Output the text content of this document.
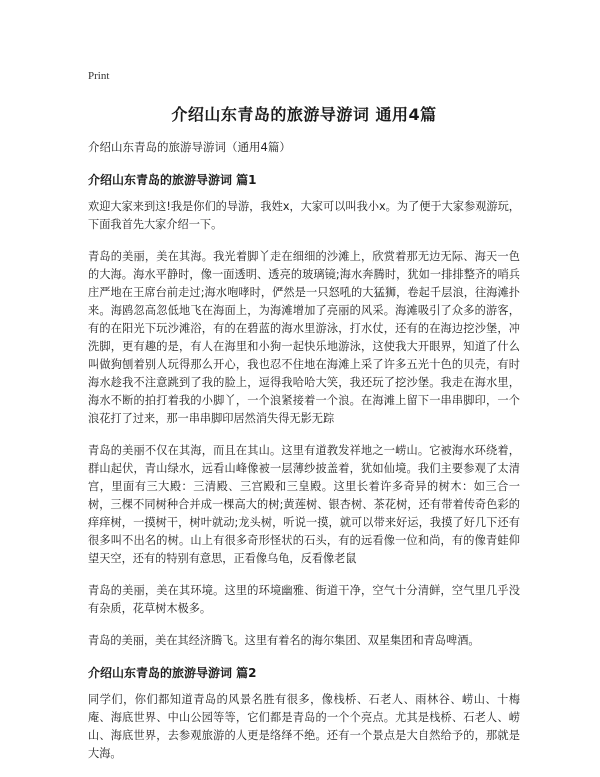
Print
介绍山东青岛的旅游导游词 通用4篇

介绍山东青岛的旅游导游词（通用4篇）

介绍山东青岛的旅游导游词 篇1

欢迎大家来到这!我是你们的导游，我姓x，大家可以叫我小x。为了便于大家参观游玩，下面我首先大家介绍一下。

青岛的美丽，美在其海。我光着脚丫走在细细的沙滩上，欣赏着那无边无际、海天一色的大海。海水平静时，像一面透明、透亮的玻璃镜;海水奔腾时，犹如一排排整齐的哨兵庄严地在王席台前走过;海水咆哮时，俨然是一只怒吼的大猛狮，卷起千层浪，往海滩扑来。海鸥忽高忽低地飞在海面上，为海滩增加了亮丽的风采。海滩吸引了众多的游客，有的在阳光下玩沙滩浴，有的在碧蓝的海水里游泳，打水仗，还有的在海边挖沙堡，冲洗脚，更有趣的是，有人在海里和小狗一起快乐地游泳，这使我大开眼界，知道了什么叫做狗刨着别人玩得那么开心，我也忍不住地在海滩上采了许多五光十色的贝壳，有时海水趁我不注意跳到了我的脸上，逗得我哈哈大笑，我还玩了挖沙堡。我走在海水里，海水不断的拍打着我的小脚丫，一个浪紧接着一个浪。在海滩上留下一串串脚印，一个浪花打了过来，那一串串脚印居然消失得无影无踪

青岛的美丽不仅在其海，而且在其山。这里有道教发祥地之一崂山。它被海水环绕着，群山起伏，青山绿水，远看山峰像被一层薄纱披盖着，犹如仙境。我们主要参观了太清宫，里面有三大殿：三清殿、三宫殿和三皇殿。这里长着许多奇异的树木：如三合一树，三棵不同树种合并成一棵高大的树;黄莲树、银杏树、茶花树，还有带着传奇色彩的痒痒树，一摸树干，树叶就动;龙头树，听说一摸，就可以带来好运，我摸了好几下还有很多叫不出名的树。山上有很多奇形怪状的石头，有的远看像一位和尚，有的像青蛙仰望天空，还有的特别有意思，正看像乌龟，反看像老鼠

青岛的美丽，美在其环境。这里的环境幽雅、街道干净，空气十分清鲜，空气里几乎没有杂质，花草树木极多。

青岛的美丽，美在其经济腾飞。这里有着名的海尔集团、双星集团和青岛啤酒。

介绍山东青岛的旅游导游词 篇2

同学们，你们都知道青岛的风景名胜有很多，像栈桥、石老人、雨林谷、崂山、十梅庵、海底世界、中山公园等等，它们都是青岛的一个个亮点。尤其是栈桥、石老人、崂山、海底世界，去参观旅游的人更是络绎不绝。还有一个景点是大自然给予的，那就是大海。
